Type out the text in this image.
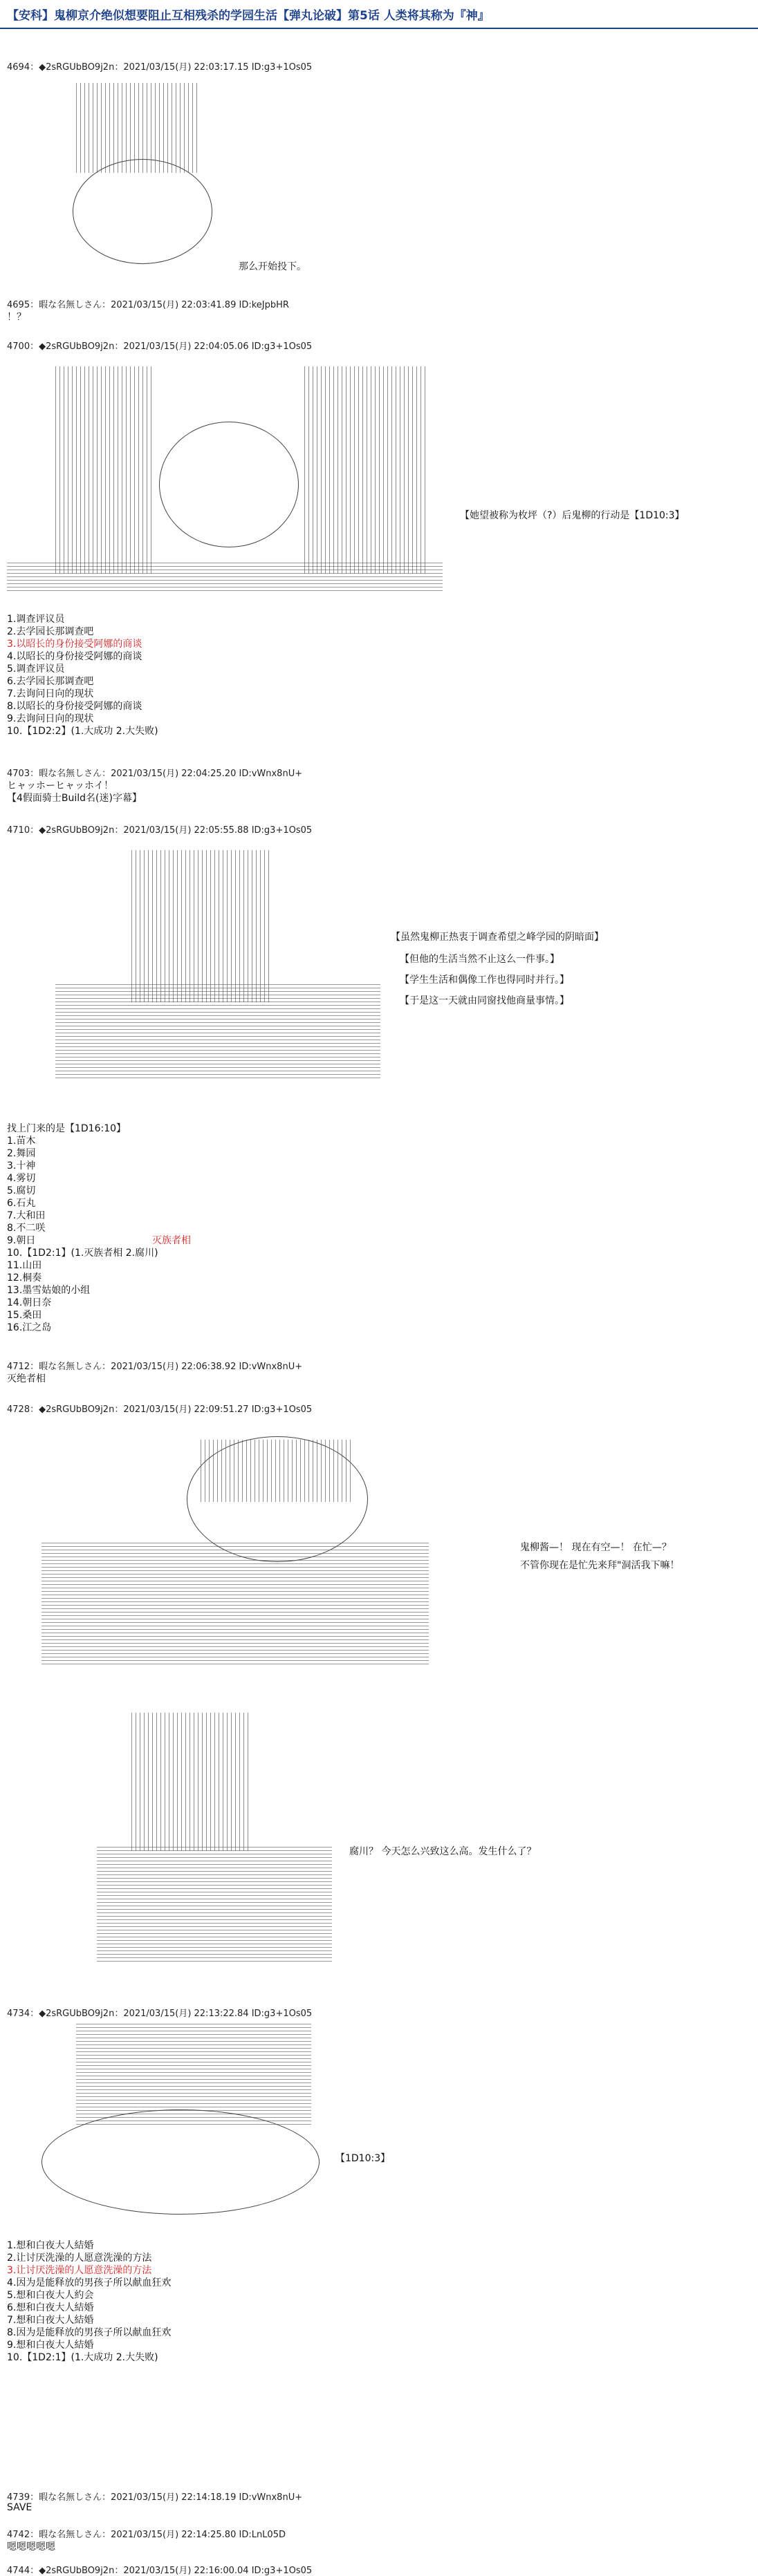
【安科】鬼柳京介绝似想要阻止互相残杀的学园生活【弹丸论破】第5话 人类将其称为『神』
4694：◆2sRGUbBO9j2n：2021/03/15(月) 22:03:17.15 ID:g3+1Os05
那么开始投下。
4695：暇な名無しさん：2021/03/15(月) 22:03:41.89 ID:keJpbHR
！？
4700：◆2sRGUbBO9j2n：2021/03/15(月) 22:04:05.06 ID:g3+1Os05
【她望被称为枚坪（?）后鬼柳的行动是【1D10:3】
1.调查评议员
2.去学园长那调查吧
3.以昭长的身份接受阿娜的商谈
4.以昭长的身份接受阿娜的商谈
5.调查评议员
6.去学园长那调查吧
7.去询问日向的现状
8.以昭长的身份接受阿娜的商谈
9.去询问日向的现状
10.【1D2:2】(1.大成功 2.大失败)
4703：暇な名無しさん：2021/03/15(月) 22:04:25.20 ID:vWnx8nU+
ヒャッホーヒャッホイ！
【4假面骑士Build名(迷)字幕】
4710：◆2sRGUbBO9j2n：2021/03/15(月) 22:05:55.88 ID:g3+1Os05
【虽然鬼柳正热衷于调查希望之峰学园的阴暗面】
【但他的生活当然不止这么一件事。】
【学生生活和偶像工作也得同时并行。】
【于是这一天就由同窗找他商量事情。】
找上门来的是【1D16:10】
1.苗木
2.舞园
3.十神
4.雾切
5.腐切
6.石丸
7.大和田
8.不二咲
9.朝日	灭族者相
10.【1D2:1】(1.灭族者相 2.腐川)
11.山田
12.桐奏
13.墨雪姑娘的小组
14.朝日奈
15.桑田
16.江之岛
4712：暇な名無しさん：2021/03/15(月) 22:06:38.92 ID:vWnx8nU+
灭绝者相
4728：◆2sRGUbBO9j2n：2021/03/15(月) 22:09:51.27 ID:g3+1Os05
鬼柳酱—！ 现在有空—！ 在忙—？
不管你现在是忙先来拜"洞活我下嘛！
腐川？ 今天怎么兴致这么高。发生什么了？
4734：◆2sRGUbBO9j2n：2021/03/15(月) 22:13:22.84 ID:g3+1Os05
【1D10:3】
1.想和白夜大人結婚
2.让讨厌洗澡的人愿意洗澡的方法
3.让讨厌洗澡的人愿意洗澡的方法
4.因为是能释放的男孩子所以献血狂欢
5.想和白夜大人約会
6.想和白夜大人結婚
7.想和白夜大人結婚
8.因为是能释放的男孩子所以献血狂欢
9.想和白夜大人結婚
10.【1D2:1】(1.大成功 2.大失败)
4739：暇な名無しさん：2021/03/15(月) 22:14:18.19 ID:vWnx8nU+
SAVE
4742：暇な名無しさん：2021/03/15(月) 22:14:25.80 ID:LnL05D
嗯嗯嗯嗯嗯
4744：◆2sRGUbBO9j2n：2021/03/15(月) 22:16:00.04 ID:g3+1Os05
